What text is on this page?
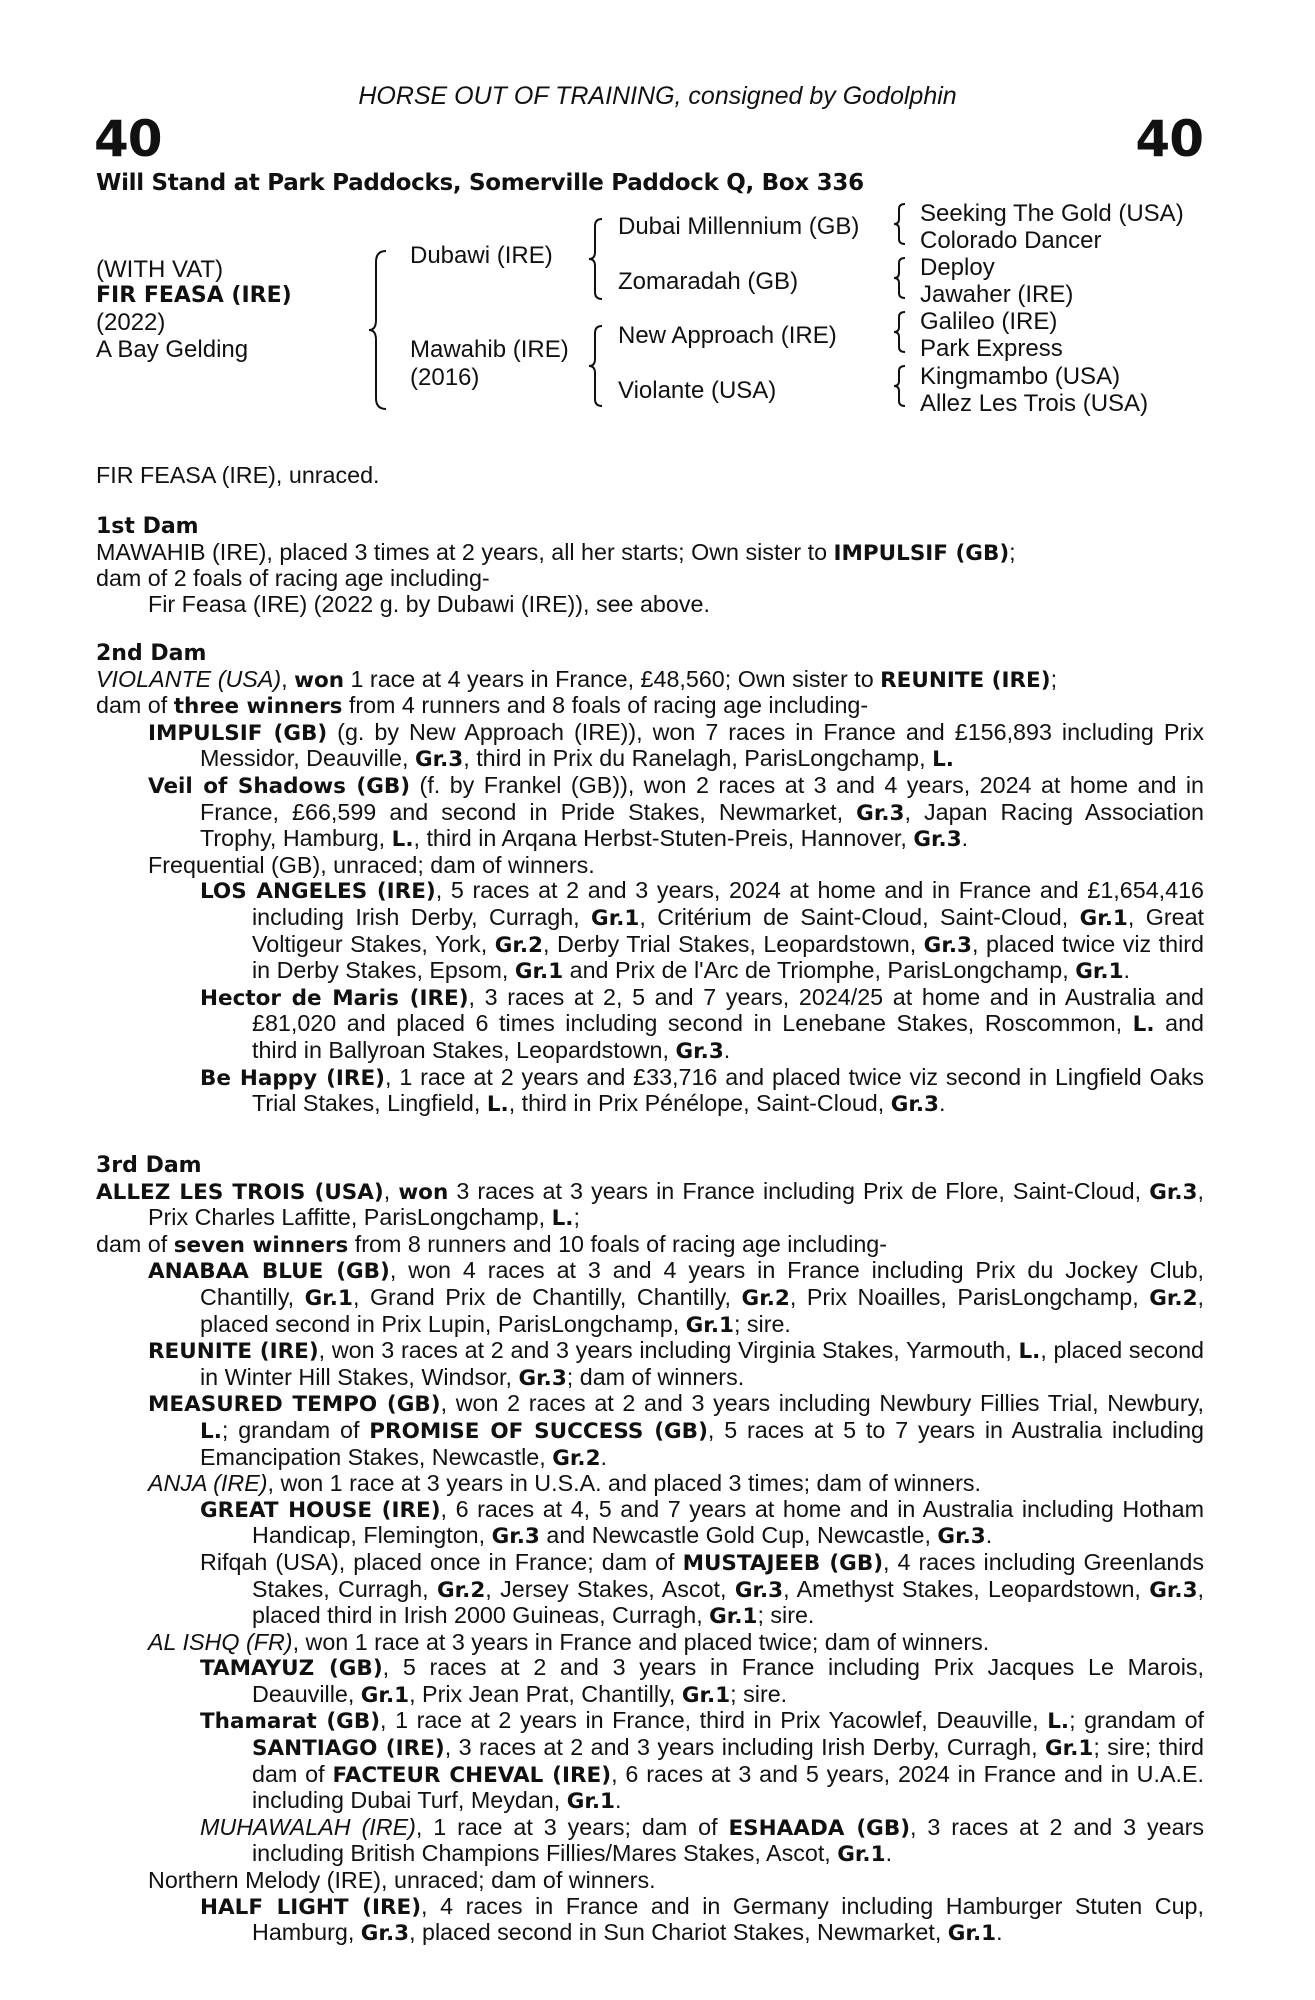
HORSE OUT OF TRAINING, consigned by Godolphin
40	40
Will Stand at Park Paddocks, Somerville Paddock Q, Box 336
(WITH VAT)
FIR FEASA (IRE)
(2022)
A Bay Gelding
Dubawi (IRE)
Mawahib (IRE)
(2016)
Dubai Millennium (GB)
Zomaradah (GB)
New Approach (IRE)
Violante (USA)
Seeking The Gold (USA)
Colorado Dancer
Deploy
Jawaher (IRE)
Galileo (IRE)
Park Express
Kingmambo (USA)
Allez Les Trois (USA)

FIR FEASA (IRE), unraced.

1st Dam

MAWAHIB (IRE), placed 3 times at 2 years, all her starts; Own sister to IMPULSIF (GB);

dam of 2 foals of racing age including-

Fir Feasa (IRE) (2022 g. by Dubawi (IRE)), see above.

2nd Dam

VIOLANTE (USA), won 1 race at 4 years in France, £48,560; Own sister to REUNITE (IRE);

dam of three winners from 4 runners and 8 foals of racing age including-

IMPULSIF (GB) (g. by New Approach (IRE)), won 7 races in France and £156,893 including Prix Messidor, Deauville, Gr.3, third in Prix du Ranelagh, ParisLongchamp, L.

Veil of Shadows (GB) (f. by Frankel (GB)), won 2 races at 3 and 4 years, 2024 at home and in France, £66,599 and second in Pride Stakes, Newmarket, Gr.3, Japan Racing Association Trophy, Hamburg, L., third in Arqana Herbst-Stuten-Preis, Hannover, Gr.3.

Frequential (GB), unraced; dam of winners.

LOS ANGELES (IRE), 5 races at 2 and 3 years, 2024 at home and in France and £1,654,416 including Irish Derby, Curragh, Gr.1, Critérium de Saint-Cloud, Saint-Cloud, Gr.1, Great Voltigeur Stakes, York, Gr.2, Derby Trial Stakes, Leopardstown, Gr.3, placed twice viz third in Derby Stakes, Epsom, Gr.1 and Prix de l'Arc de Triomphe, ParisLongchamp, Gr.1.

Hector de Maris (IRE), 3 races at 2, 5 and 7 years, 2024/25 at home and in Australia and £81,020 and placed 6 times including second in Lenebane Stakes, Roscommon, L. and third in Ballyroan Stakes, Leopardstown, Gr.3.

Be Happy (IRE), 1 race at 2 years and £33,716 and placed twice viz second in Lingfield Oaks Trial Stakes, Lingfield, L., third in Prix Pénélope, Saint-Cloud, Gr.3.

3rd Dam

ALLEZ LES TROIS (USA), won 3 races at 3 years in France including Prix de Flore, Saint-Cloud, Gr.3, Prix Charles Laffitte, ParisLongchamp, L.;

dam of seven winners from 8 runners and 10 foals of racing age including-

ANABAA BLUE (GB), won 4 races at 3 and 4 years in France including Prix du Jockey Club, Chantilly, Gr.1, Grand Prix de Chantilly, Chantilly, Gr.2, Prix Noailles, ParisLongchamp, Gr.2, placed second in Prix Lupin, ParisLongchamp, Gr.1; sire.

REUNITE (IRE), won 3 races at 2 and 3 years including Virginia Stakes, Yarmouth, L., placed second in Winter Hill Stakes, Windsor, Gr.3; dam of winners.

MEASURED TEMPO (GB), won 2 races at 2 and 3 years including Newbury Fillies Trial, Newbury, L.; grandam of PROMISE OF SUCCESS (GB), 5 races at 5 to 7 years in Australia including Emancipation Stakes, Newcastle, Gr.2.

ANJA (IRE), won 1 race at 3 years in U.S.A. and placed 3 times; dam of winners.

GREAT HOUSE (IRE), 6 races at 4, 5 and 7 years at home and in Australia including Hotham Handicap, Flemington, Gr.3 and Newcastle Gold Cup, Newcastle, Gr.3.

Rifqah (USA), placed once in France; dam of MUSTAJEEB (GB), 4 races including Greenlands Stakes, Curragh, Gr.2, Jersey Stakes, Ascot, Gr.3, Amethyst Stakes, Leopardstown, Gr.3, placed third in Irish 2000 Guineas, Curragh, Gr.1; sire.

AL ISHQ (FR), won 1 race at 3 years in France and placed twice; dam of winners.

TAMAYUZ (GB), 5 races at 2 and 3 years in France including Prix Jacques Le Marois, Deauville, Gr.1, Prix Jean Prat, Chantilly, Gr.1; sire.

Thamarat (GB), 1 race at 2 years in France, third in Prix Yacowlef, Deauville, L.; grandam of SANTIAGO (IRE), 3 races at 2 and 3 years including Irish Derby, Curragh, Gr.1; sire; third dam of FACTEUR CHEVAL (IRE), 6 races at 3 and 5 years, 2024 in France and in U.A.E. including Dubai Turf, Meydan, Gr.1.

MUHAWALAH (IRE), 1 race at 3 years; dam of ESHAADA (GB), 3 races at 2 and 3 years including British Champions Fillies/Mares Stakes, Ascot, Gr.1.

Northern Melody (IRE), unraced; dam of winners.

HALF LIGHT (IRE), 4 races in France and in Germany including Hamburger Stuten Cup, Hamburg, Gr.3, placed second in Sun Chariot Stakes, Newmarket, Gr.1.
